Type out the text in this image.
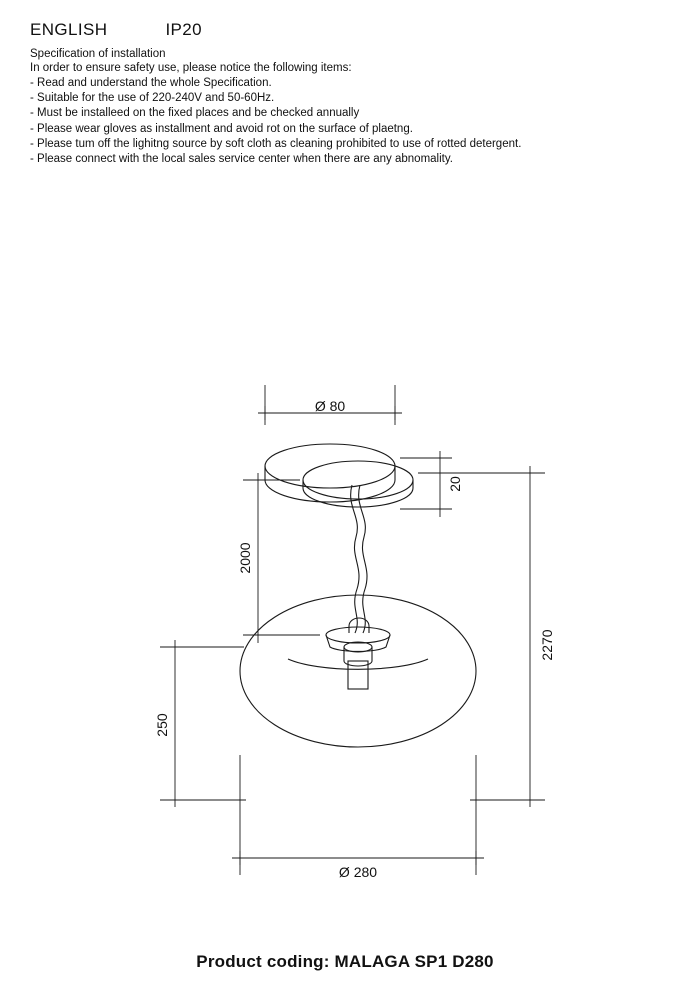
ENGLISH	IP20
Specification of installation
In order to ensure safety use, please notice the following items:
- Read and understand the whole Specification.
- Suitable for the use of 220-240V and 50-60Hz.
- Must be installeed on the fixed places and be checked annually
- Please wear gloves as installment and avoid rot on the surface of plaetng.
- Please tum off the lighitng source by soft cloth as cleaning prohibited to use of rotted detergent.
- Please connect with the local sales service center when there are any abnomality.
Ø 80
20
2000
250
2270
Ø 280
Product coding: MALAGA SP1 D280
